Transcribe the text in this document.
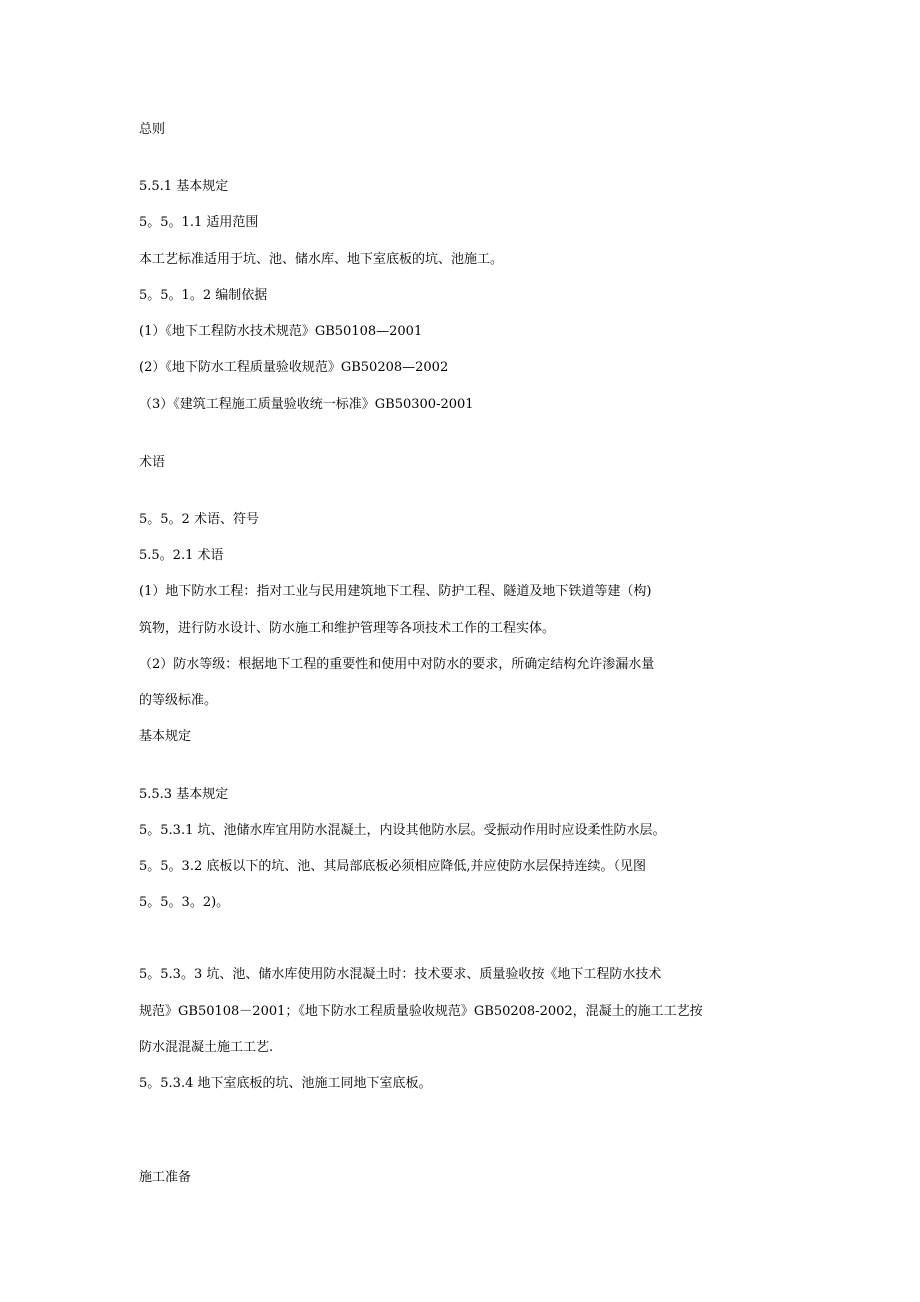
总则

5.5.1 基本规定

5。5。1.1 适用范围

本工艺标准适用于坑、池、储水库、地下室底板的坑、池施工。

5。5。1。2 编制依据

(1）《地下工程防水技术规范》GB50108—2001

(2）《地下防水工程质量验收规范》GB50208—2002

（3）《建筑工程施工质量验收统一标准》GB50300-2001

术语

5。5。2 术语、符号

5.5。2.1 术语

(1）地下防水工程：指对工业与民用建筑地下工程、防护工程、隧道及地下铁道等建（构)

筑物，进行防水设计、防水施工和维护管理等各项技术工作的工程实体。

（2）防水等级：根据地下工程的重要性和使用中对防水的要求，所确定结构允许渗漏水量

的等级标准。

基本规定

5.5.3 基本规定

5。5.3.1 坑、池储水库宜用防水混凝土，内设其他防水层。受振动作用时应设柔性防水层。

5。5。3.2 底板以下的坑、池、其局部底板必须相应降低,并应使防水层保持连续。（见图

5。5。3。2)。

5。5.3。3 坑、池、储水库使用防水混凝土时：技术要求、质量验收按《地下工程防水技术

规范》GB50108－2001；《地下防水工程质量验收规范》GB50208-2002，混凝土的施工工艺按

防水混混凝土施工工艺.

5。5.3.4 地下室底板的坑、池施工同地下室底板。

施工准备
